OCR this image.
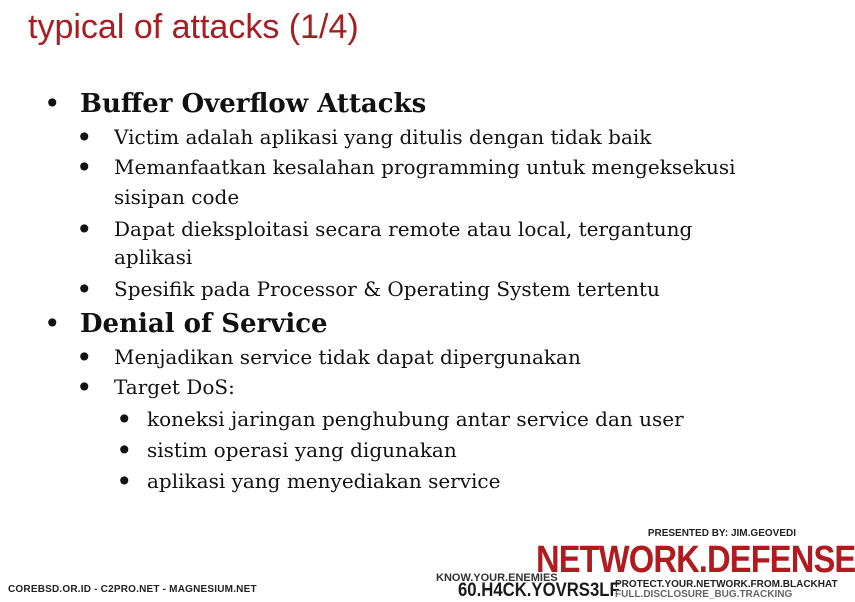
typical of attacks (1/4)
• Buffer Overflow Attacks
• Victim adalah aplikasi yang ditulis dengan tidak baik
• Memanfaatkan kesalahan programming untuk mengeksekusi
sisipan code
• Dapat dieksploitasi secara remote atau local, tergantung
aplikasi
• Spesifik pada Processor & Operating System tertentu
• Denial of Service
• Menjadikan service tidak dapat dipergunakan
• Target DoS:
• koneksi jaringan penghubung antar service dan user
• sistim operasi yang digunakan
• aplikasi yang menyediakan service
COREBSD.OR.ID - C2PRO.NET - MAGNESIUM.NET
PRESENTED BY: JIM.GEOVEDI
NETWORK.DEFENSE
KNOW.YOUR.ENEMIES
60.H4CK.YOVRS3LF
PROTECT.YOUR.NETWORK.FROM.BLACKHAT
FULL.DISCLOSURE_BUG.TRACKING
